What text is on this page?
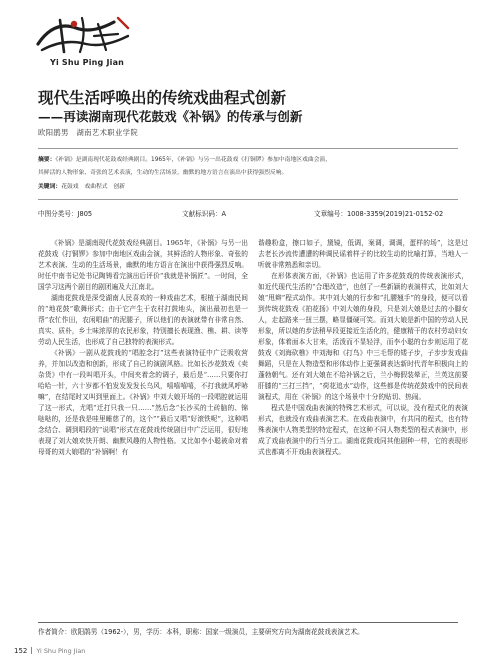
Yi Shu Ping Jian
现代生活呼唤出的传统戏曲程式创新
——再读湖南现代花鼓戏《补锅》的传承与创新
欧阳鹃男　湖南艺术职业学院
摘要：《补锅》是湖南现代花鼓戏经典剧目。1965年，《补锅》与另一出花鼓戏《打铜锣》参加中南地区戏曲会演，
其鲜活的人物形象、奇张的艺术表演，生动的生活场景，幽默的地方语言在演出中获得强烈反响。
关键词：花鼓戏　戏曲程式　创新
中图分类号：J805	文献标识码：A	文章编号：1008-3359(2019)21-0152-02

《补锅》是湖南现代花鼓戏经典剧目。1965年，《补锅》与另一出花鼓戏《打铜锣》参加中南地区戏曲会演，其鲜活的人物形象、奇张的艺术表演、生动的生活场景，幽默的地方语言在演出中获得强烈反响。时任中南书记处书记陶铸看完演出后评价“我就是补锅匠”。一时间，全国学习这两个剧目的剧团遍及大江南北。

湖南花鼓戏是深受湖南人民喜欢的一种戏曲艺术，根植于湖南民间的“地花鼓”歌舞形式；由于它产生于农村打鼓地头，演出最初也是一帮“农忙作田，农闲唱曲”的泥腿子，所以他们的表演就带有非常自然、真实、质朴，乡土味浓厚的农民形象，特别擅长表现渔、樵、耕、读等劳动人民生活，也形成了自己独特的表演形式。

《补锅》一剧从花鼓戏的“唱腔念打”这些表演特征中广泛吸收营养，并加以改造和创新，形成了自己的演剧风格。比如长沙花鼓戏《卖杂货》中有一段叫唱开头，中间夹着念的调子，最后是“……只要你打哈哈一针，六十岁都不怕发发发发长乌风，嘻嘻嘻嘻，不打我就风呼哧嘛”，在结尾时又叫到里面上。《补锅》中刘大娘开场的一段唱腔就运用了这一形式，尤唱“迁打只我一只……”然后念“长沙买的土砖脑的、锦哒哒的，还是我是哇里睡慈了的，这个”“最后又唱“好滚铁呢”，这种唱念结合、调到唱段的“说唱”形式在花鼓戏传统剧目中广泛运用，很好地表现了刘大娘欢快开朗、幽默风趣的人物性格。又比如李小聪被命对着母哥的刘大娘唱的“补锅啊！有

谐趣粉盒，擦口如子，黛镜，低调，案调，调调，蛋样的场”，这是过去老长沙流传遭遭的种调民谣着样子的比较生动的比喻打算，当地人一听就非常熟悉和亲切。

在形体表演方面，《补锅》也运用了许多花鼓戏的传统表演形式，如近代现代生活的“合理改造”，也创了一些新颖的表演样式，比如刘大娘“甩辫”程式动作。其中刘大娘的行步和“扎腰翘手”的身段，便可以看到传统花鼓戏《拍花扬》中刘大娘的身段，只是刘大娘是过去的小脚女人，走起路来一扭三摆，略显僵硬可笑。而刘大娘是新中国的劳动人民形象，所以她的步法稍早段更接近生活化的，健康精干的农村劳动妇女形象，体着面本大甘来，活泼而不显轻浮，而李小聪的台步则运用了花鼓戏《刘海砍樵》中刘海和《打鸟》中三毛帮的矮子步，子步步发戏曲舞蹈，只是在人物造型和形体动作上更强调表达新时代青年积极向上的蓬勃朝气。还有刘大娘在不给补锅之后，兰小梅假装晕正，兰英这前要肝膝的“三打三挡”，“荷花追水”动作，这些都是传统花鼓戏中的民间表演程式，用在《补锅》的这个场景中十分的贴切、热闹。

程式是中国戏曲表演的特殊艺术形式，可以说，没有程式化的表演形式，也就没有戏曲表演艺术。在戏曲表演中，有共同的程式，也有特殊表演中人物类型的特定程式，在这种不同人物类型的程式表演中，形成了戏曲表演中的行当分工。湖南花鼓戏同其他剧种一样，它的表现形式也都离不开戏曲表演程式。

作者简介：欧阳鹃男（1962-），男，学历：本科，职称：国家一级演员，主要研究方向为湖南花鼓戏表演艺术。
152 Yi Shu Ping Jian
